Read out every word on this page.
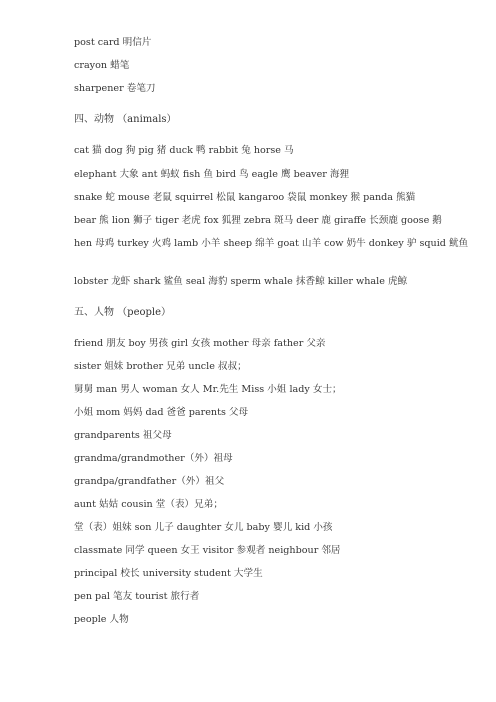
post card 明信片
crayon 蜡笔
sharpener 卷笔刀
四、动物 （animals）
cat 猫 dog 狗 pig 猪 duck 鸭 rabbit 兔 horse 马
elephant 大象 ant 蚂蚁 fish 鱼 bird 鸟 eagle 鹰 beaver 海狸
snake 蛇 mouse 老鼠 squirrel 松鼠 kangaroo 袋鼠 monkey 猴 panda 熊猫
bear 熊 lion 狮子 tiger 老虎 fox 狐狸 zebra 斑马 deer 鹿 giraffe 长颈鹿 goose 鹅
hen 母鸡 turkey 火鸡 lamb 小羊 sheep 绵羊 goat 山羊 cow 奶牛 donkey 驴 squid 鱿鱼
lobster 龙虾 shark 鲨鱼 seal 海豹 sperm whale 抹香鲸 killer whale 虎鲸
五、人物 （people）
friend 朋友 boy 男孩 girl 女孩 mother 母亲 father 父亲
sister 姐妹 brother 兄弟 uncle 叔叔；
舅舅 man 男人 woman 女人 Mr.先生 Miss 小姐 lady 女士；
小姐 mom 妈妈 dad 爸爸 parents 父母
grandparents 祖父母
grandma/grandmother（外）祖母
grandpa/grandfather（外）祖父
aunt 姑姑 cousin 堂（表）兄弟；
堂（表）姐妹 son 儿子 daughter 女儿 baby 婴儿 kid 小孩
classmate 同学 queen 女王 visitor 参观者 neighbour 邻居
principal 校长 university student 大学生
pen pal 笔友 tourist 旅行者
people 人物
